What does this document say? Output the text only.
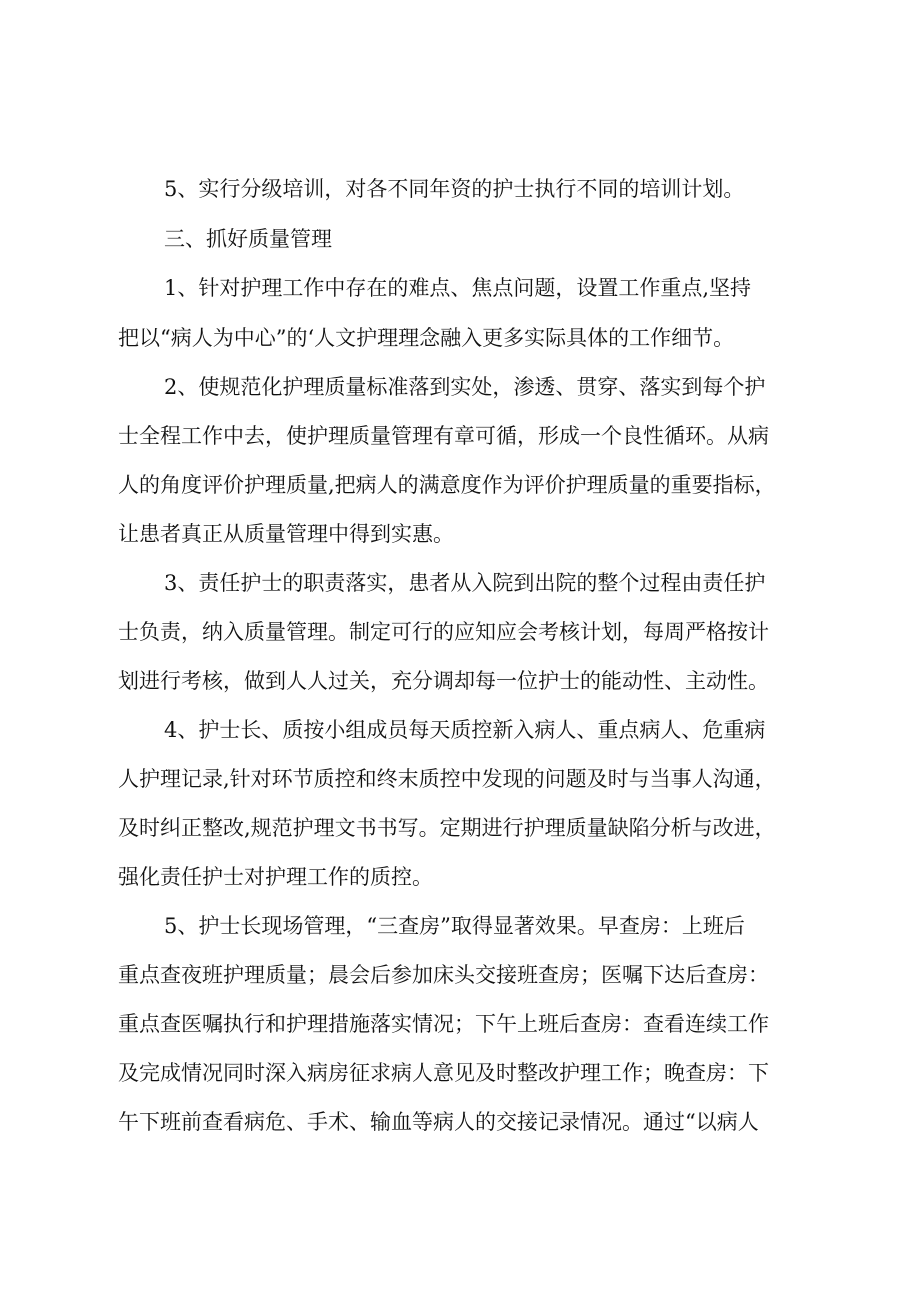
5、实行分级培训，对各不同年资的护士执行不同的培训计划。
三、抓好质量管理
1、针对护理工作中存在的难点、焦点问题，设置工作重点,坚持
把以“病人为中心”的‘人文护理理念融入更多实际具体的工作细节。
2、使规范化护理质量标准落到实处，渗透、贯穿、落实到每个护
士全程工作中去，使护理质量管理有章可循，形成一个良性循环。从病
人的角度评价护理质量,把病人的满意度作为评价护理质量的重要指标，
让患者真正从质量管理中得到实惠。
3、责任护士的职责落实，患者从入院到出院的整个过程由责任护
士负责，纳入质量管理。制定可行的应知应会考核计划，每周严格按计
划进行考核，做到人人过关，充分调却每一位护士的能动性、主动性。
4、护士长、质按小组成员每天质控新入病人、重点病人、危重病
人护理记录,针对环节质控和终末质控中发现的问题及时与当事人沟通，
及时纠正整改,规范护理文书书写。定期进行护理质量缺陷分析与改进，
强化责任护士对护理工作的质控。
5、护士长现场管理，“三查房”取得显著效果。早查房：上班后
重点查夜班护理质量；晨会后参加床头交接班查房；医嘱下达后查房：
重点查医嘱执行和护理措施落实情况；下午上班后查房：查看连续工作
及完成情况同时深入病房征求病人意见及时整改护理工作；晚查房：下
午下班前查看病危、手术、输血等病人的交接记录情况。通过“以病人
